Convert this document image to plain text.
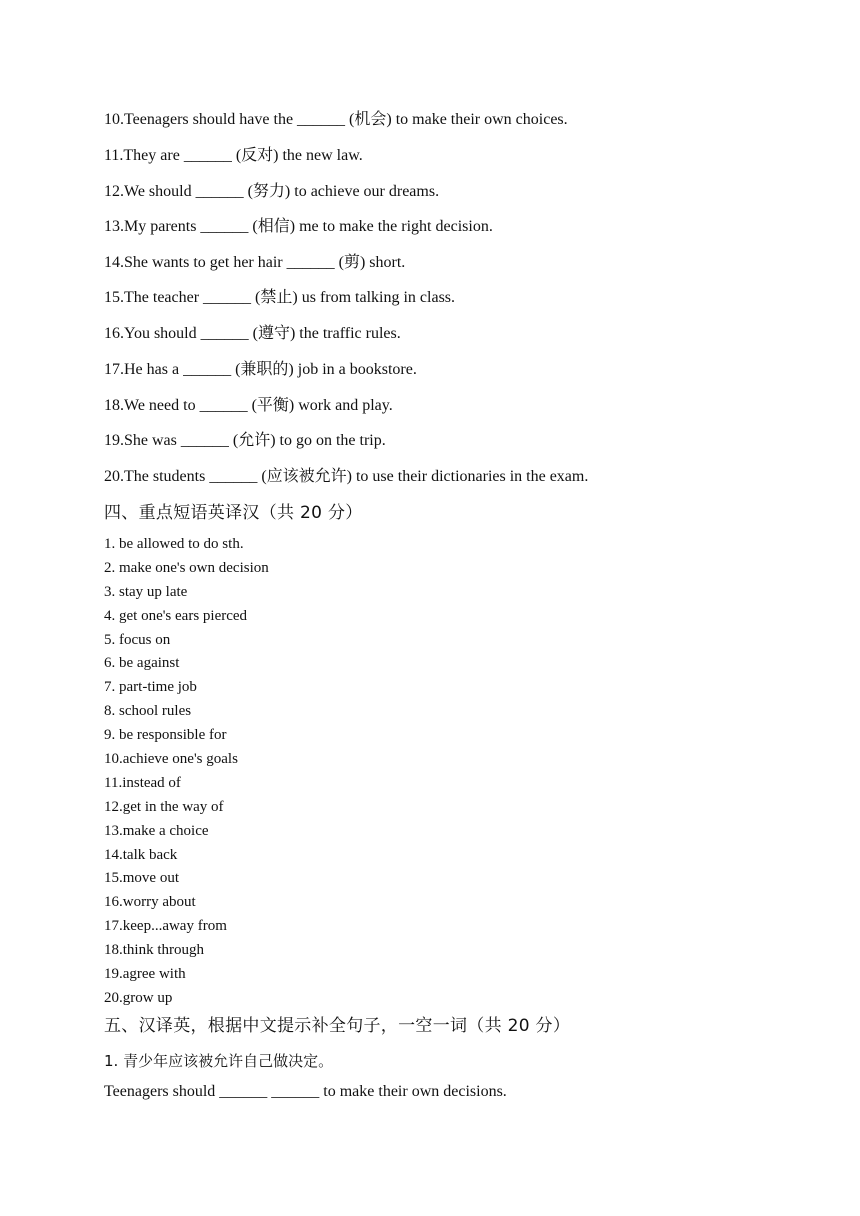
10.Teenagers should have the ______ (机会) to make their own choices.
11.They are ______ (反对) the new law.
12.We should ______ (努力) to achieve our dreams.
13.My parents ______ (相信) me to make the right decision.
14.She wants to get her hair ______ (剪) short.
15.The teacher ______ (禁止) us from talking in class.
16.You should ______ (遵守) the traffic rules.
17.He has a ______ (兼职的) job in a bookstore.
18.We need to ______ (平衡) work and play.
19.She was ______ (允许) to go on the trip.
20.The students ______ (应该被允许) to use their dictionaries in the exam.
四、重点短语英译汉（共 20 分）
1. be allowed to do sth.
2. make one's own decision
3. stay up late
4. get one's ears pierced
5. focus on
6. be against
7. part-time job
8. school rules
9. be responsible for
10.achieve one's goals
11.instead of
12.get in the way of
13.make a choice
14.talk back
15.move out
16.worry about
17.keep...away from
18.think through
19.agree with
20.grow up
五、汉译英，根据中文提示补全句子，一空一词（共 20 分）
1. 青少年应该被允许自己做决定。
Teenagers should ______ ______ to make their own decisions.
